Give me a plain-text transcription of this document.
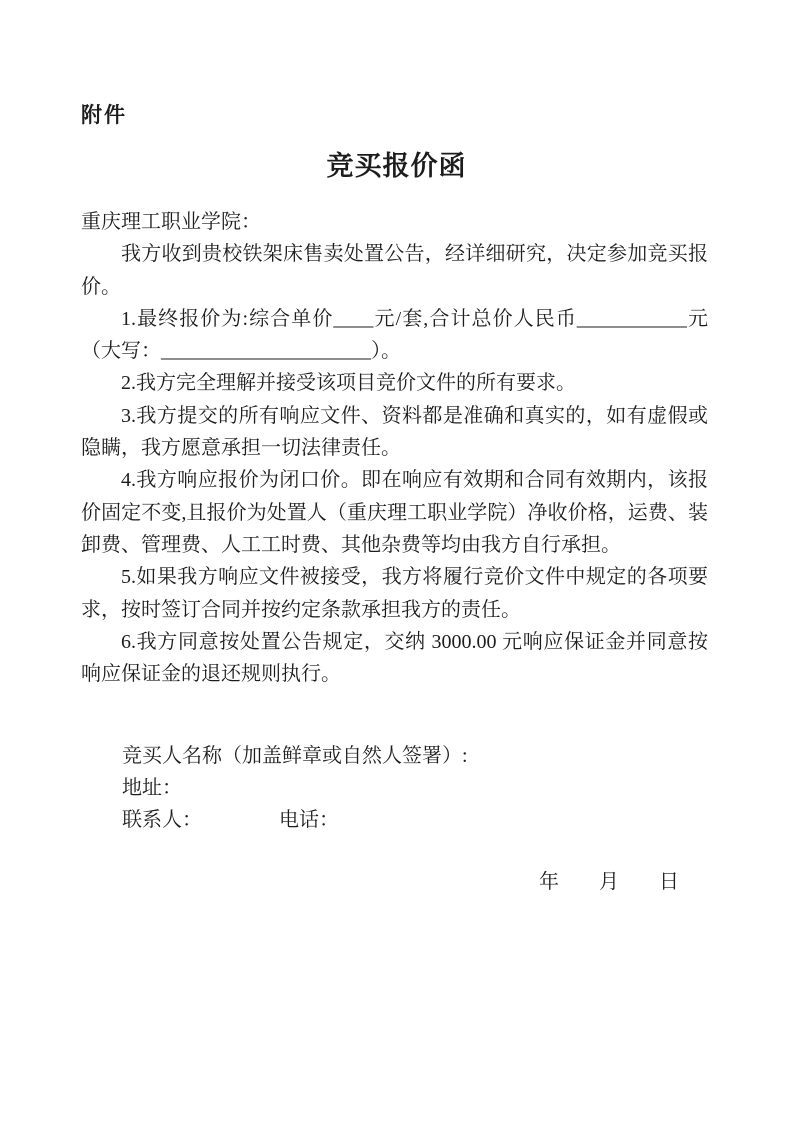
附件
竞买报价函

重庆理工职业学院：

我方收到贵校铁架床售卖处置公告，经详细研究，决定参加竞买报价。

1.最终报价为:综合单价____元/套,合计总价人民币___________元（大写：_____________________）。

2.我方完全理解并接受该项目竞价文件的所有要求。

3.我方提交的所有响应文件、资料都是准确和真实的，如有虚假或隐瞒，我方愿意承担一切法律责任。

4.我方响应报价为闭口价。即在响应有效期和合同有效期内，该报价固定不变,且报价为处置人（重庆理工职业学院）净收价格，运费、装卸费、管理费、人工工时费、其他杂费等均由我方自行承担。

5.如果我方响应文件被接受，我方将履行竞价文件中规定的各项要求，按时签订合同并按约定条款承担我方的责任。

6.我方同意按处置公告规定，交纳 3000.00 元响应保证金并同意按响应保证金的退还规则执行。

竞买人名称（加盖鲜章或自然人签署）:

地址：

联系人：	电话：

年　　月　　日
